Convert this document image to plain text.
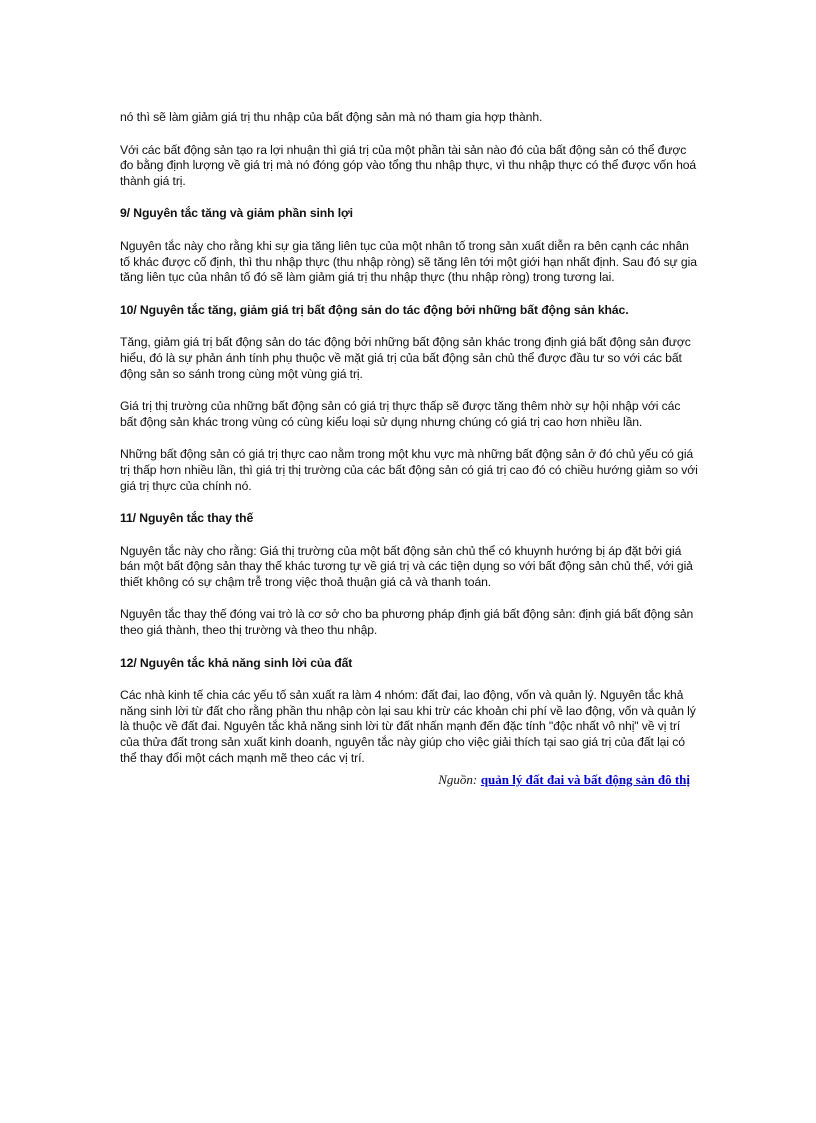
nó thì sẽ làm giảm giá trị thu nhập của bất động sản mà nó tham gia hợp thành.

Với các bất động sản tạo ra lợi nhuận thì giá trị của một phần tài sản nào đó của bất động sản có thể được đo bằng định lượng về giá trị mà nó đóng góp vào tổng thu nhập thực, vì thu nhập thực có thể được vốn hoá thành giá trị.

9/ Nguyên tắc tăng và giảm phần sinh lợi

Nguyên tắc này cho rằng khi sự gia tăng liên tục của một nhân tố trong sản xuất diễn ra bên cạnh các nhân tố khác được cố định, thì thu nhập thực (thu nhập ròng) sẽ tăng lên tới một giới hạn nhất định. Sau đó sự gia tăng liên tục của nhân tố đó sẽ làm giảm giá trị thu nhập thực (thu nhập ròng) trong tương lai.

10/ Nguyên tắc tăng, giảm giá trị bất động sản do tác động bởi những bất động sản khác.

Tăng, giảm giá trị bất động sản do tác động bởi những bất động sản khác trong định giá bất động sản được hiểu, đó là sự phản ánh tính phụ thuộc về mặt giá trị của bất động sản chủ thể được đầu tư so với các bất động sản so sánh trong cùng một vùng giá trị.

Giá trị thị trường của những bất động sản có giá trị thực thấp sẽ được tăng thêm nhờ sự hội nhập với các bất động sản khác trong vùng có cùng kiểu loại sử dụng nhưng chúng có giá trị cao hơn nhiều lần.

Những bất động sản có giá trị thực cao nằm trong một khu vực mà những bất động sản ở đó chủ yếu có giá trị thấp hơn nhiều lần, thì giá trị thị trường của các bất động sản có giá trị cao đó có chiều hướng giảm so với giá trị thực của chính nó.

11/ Nguyên tắc thay thế

Nguyên tắc này cho rằng: Giá thị trường của một bất động sản chủ thể có khuynh hướng bị áp đặt bởi giá bán một bất động sản thay thế khác tương tự về giá trị và các tiện dụng so với bất động sản chủ thể, với giả thiết không có sự chậm trễ trong việc thoả thuận giá cả và thanh toán.

Nguyên tắc thay thế đóng vai trò là cơ sở cho ba phương pháp định giá bất động sản: định giá bất động sản theo giá thành, theo thị trường và theo thu nhập.

12/ Nguyên tắc khả năng sinh lời của đất

Các nhà kinh tế chia các yếu tố sản xuất ra làm 4 nhóm: đất đai, lao động, vốn và quản lý. Nguyên tắc khả năng sinh lời từ đất cho rằng phần thu nhập còn lại sau khi trừ các khoản chi phí về lao động, vốn và quản lý là thuộc về đất đai. Nguyên tắc khả năng sinh lời từ đất nhấn mạnh đến đặc tính "độc nhất vô nhị" về vị trí của thửa đất trong sản xuất kinh doanh, nguyên tắc này giúp cho việc giải thích tại sao giá trị của đất lại có thể thay đổi một cách mạnh mẽ theo các vị trí.

Nguồn: quản lý đất đai và bất động sản đô thị
